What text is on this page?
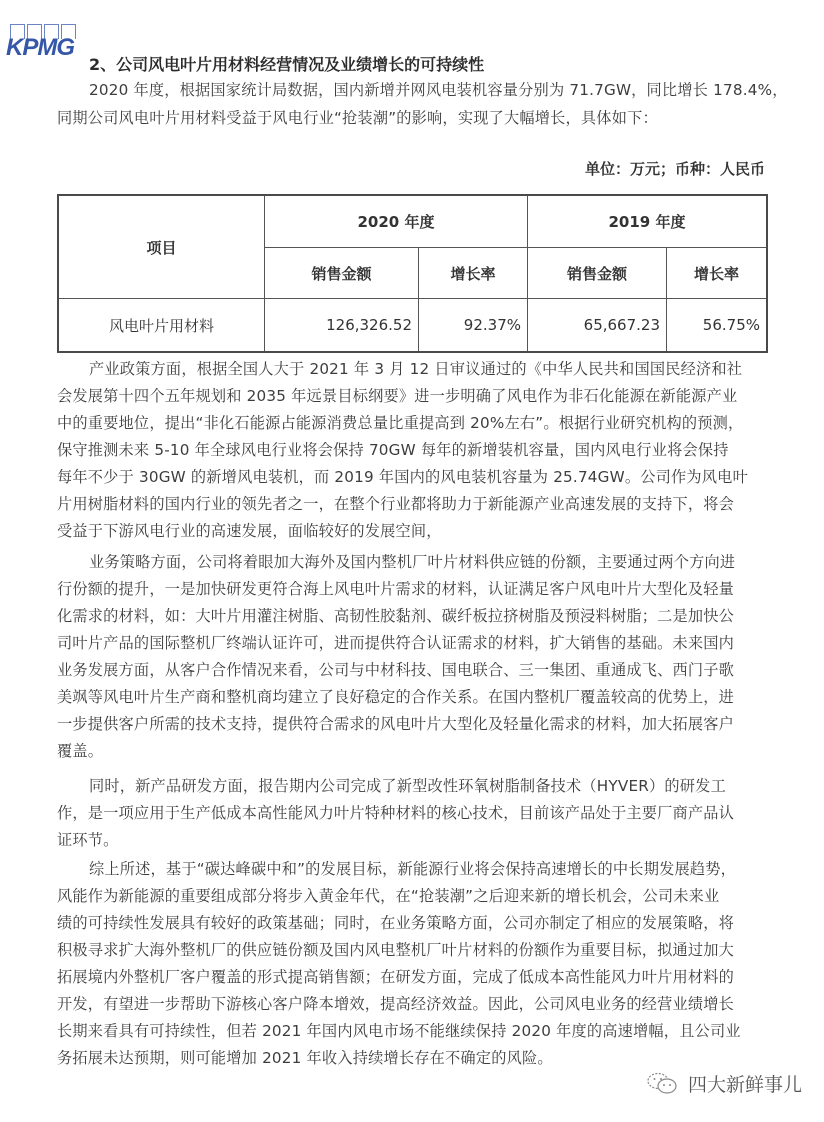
KPMG
2、公司风电叶片用材料经营情况及业绩增长的可持续性
2020 年度，根据国家统计局数据，国内新增并网风电装机容量分别为 71.7GW，同比增长 178.4%，
同期公司风电叶片用材料受益于风电行业“抢装潮”的影响，实现了大幅增长，具体如下：
单位：万元；币种：人民币
项目	2020 年度		2019 年度	
	销售金额	增长率	销售金额	增长率
风电叶片用材料	126,326.52	92.37%	65,667.23	56.75%
产业政策方面，根据全国人大于 2021 年 3 月 12 日审议通过的《中华人民共和国国民经济和社
会发展第十四个五年规划和 2035 年远景目标纲要》进一步明确了风电作为非石化能源在新能源产业
中的重要地位，提出“非化石能源占能源消费总量比重提高到 20%左右”。根据行业研究机构的预测，
保守推测未来 5-10 年全球风电行业将会保持 70GW 每年的新增装机容量，国内风电行业将会保持
每年不少于 30GW 的新增风电装机，而 2019 年国内的风电装机容量为 25.74GW。公司作为风电叶
片用树脂材料的国内行业的领先者之一，在整个行业都将助力于新能源产业高速发展的支持下，将会
受益于下游风电行业的高速发展，面临较好的发展空间，
业务策略方面，公司将着眼加大海外及国内整机厂叶片材料供应链的份额，主要通过两个方向进
行份额的提升，一是加快研发更符合海上风电叶片需求的材料，认证满足客户风电叶片大型化及轻量
化需求的材料，如：大叶片用灌注树脂、高韧性胶黏剂、碳纤板拉挤树脂及预浸料树脂；二是加快公
司叶片产品的国际整机厂终端认证许可，进而提供符合认证需求的材料，扩大销售的基础。未来国内
业务发展方面，从客户合作情况来看，公司与中材科技、国电联合、三一集团、重通成飞、西门子歌
美飒等风电叶片生产商和整机商均建立了良好稳定的合作关系。在国内整机厂覆盖较高的优势上，进
一步提供客户所需的技术支持，提供符合需求的风电叶片大型化及轻量化需求的材料，加大拓展客户
覆盖。
同时，新产品研发方面，报告期内公司完成了新型改性环氧树脂制备技术（HYVER）的研发工
作，是一项应用于生产低成本高性能风力叶片特种材料的核心技术，目前该产品处于主要厂商产品认
证环节。
综上所述，基于“碳达峰碳中和”的发展目标，新能源行业将会保持高速增长的中长期发展趋势，
风能作为新能源的重要组成部分将步入黄金年代，在“抢装潮”之后迎来新的增长机会，公司未来业
绩的可持续性发展具有较好的政策基础；同时，在业务策略方面，公司亦制定了相应的发展策略，将
积极寻求扩大海外整机厂的供应链份额及国内风电整机厂叶片材料的份额作为重要目标，拟通过加大
拓展境内外整机厂客户覆盖的形式提高销售额；在研发方面，完成了低成本高性能风力叶片用材料的
开发，有望进一步帮助下游核心客户降本增效，提高经济效益。因此，公司风电业务的经营业绩增长
长期来看具有可持续性，但若 2021 年国内风电市场不能继续保持 2020 年度的高速增幅，且公司业
务拓展未达预期，则可能增加 2021 年收入持续增长存在不确定的风险。
四大新鲜事儿
